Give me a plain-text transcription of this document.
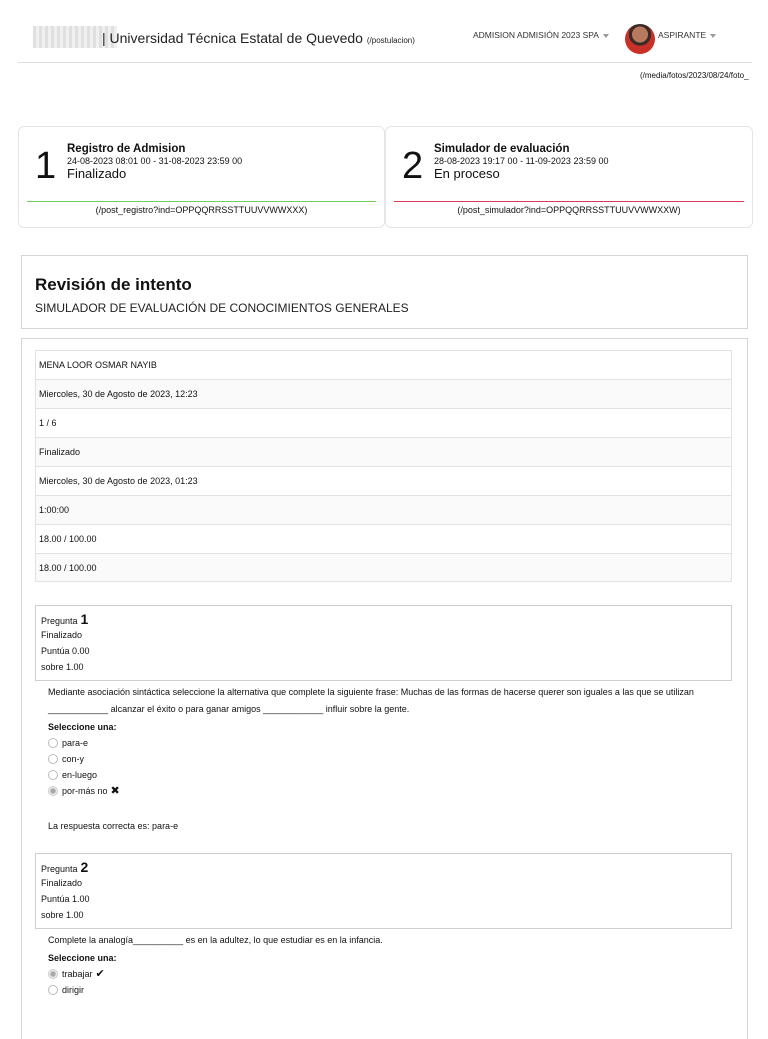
| Universidad Técnica Estatal de Quevedo (/postulacion)
ADMISION ADMISIÓN 2023 SPA	ASPIRANTE
(/media/fotos/2023/08/24/foto_
1 Registro de Admision
24-08-2023 08:01 00 - 31-08-2023 23:59 00
Finalizado
(/post_registro?ind=OPPQQRRSSTTUUVVWWXXX)
2 Simulador de evaluación
28-08-2023 19:17 00 - 11-09-2023 23:59 00
En proceso
(/post_simulador?ind=OPPQQRRSSTTUUVVWWXXW)
Revisión de intento
SIMULADOR DE EVALUACIÓN DE CONOCIMIENTOS GENERALES
MENA LOOR OSMAR NAYIB
Miercoles, 30 de Agosto de 2023, 12:23
1 / 6
Finalizado
Miercoles, 30 de Agosto de 2023, 01:23
1:00:00
18.00 / 100.00
18.00 / 100.00
Pregunta 1
Finalizado
Puntúa 0.00
sobre 1.00
Mediante asociación sintáctica seleccione la alternativa que complete la siguiente frase: Muchas de las formas de hacerse querer son iguales a las que se utilizan ____________ alcanzar el éxito o para ganar amigos ____________ influir sobre la gente.
Seleccione una:
para-e
con-y
en-luego
por-más no ✖
La respuesta correcta es: para-e
Pregunta 2
Finalizado
Puntúa 1.00
sobre 1.00
Complete la analogía__________ es en la adultez, lo que estudiar es en la infancia.
Seleccione una:
trabajar ✔
dirigir
